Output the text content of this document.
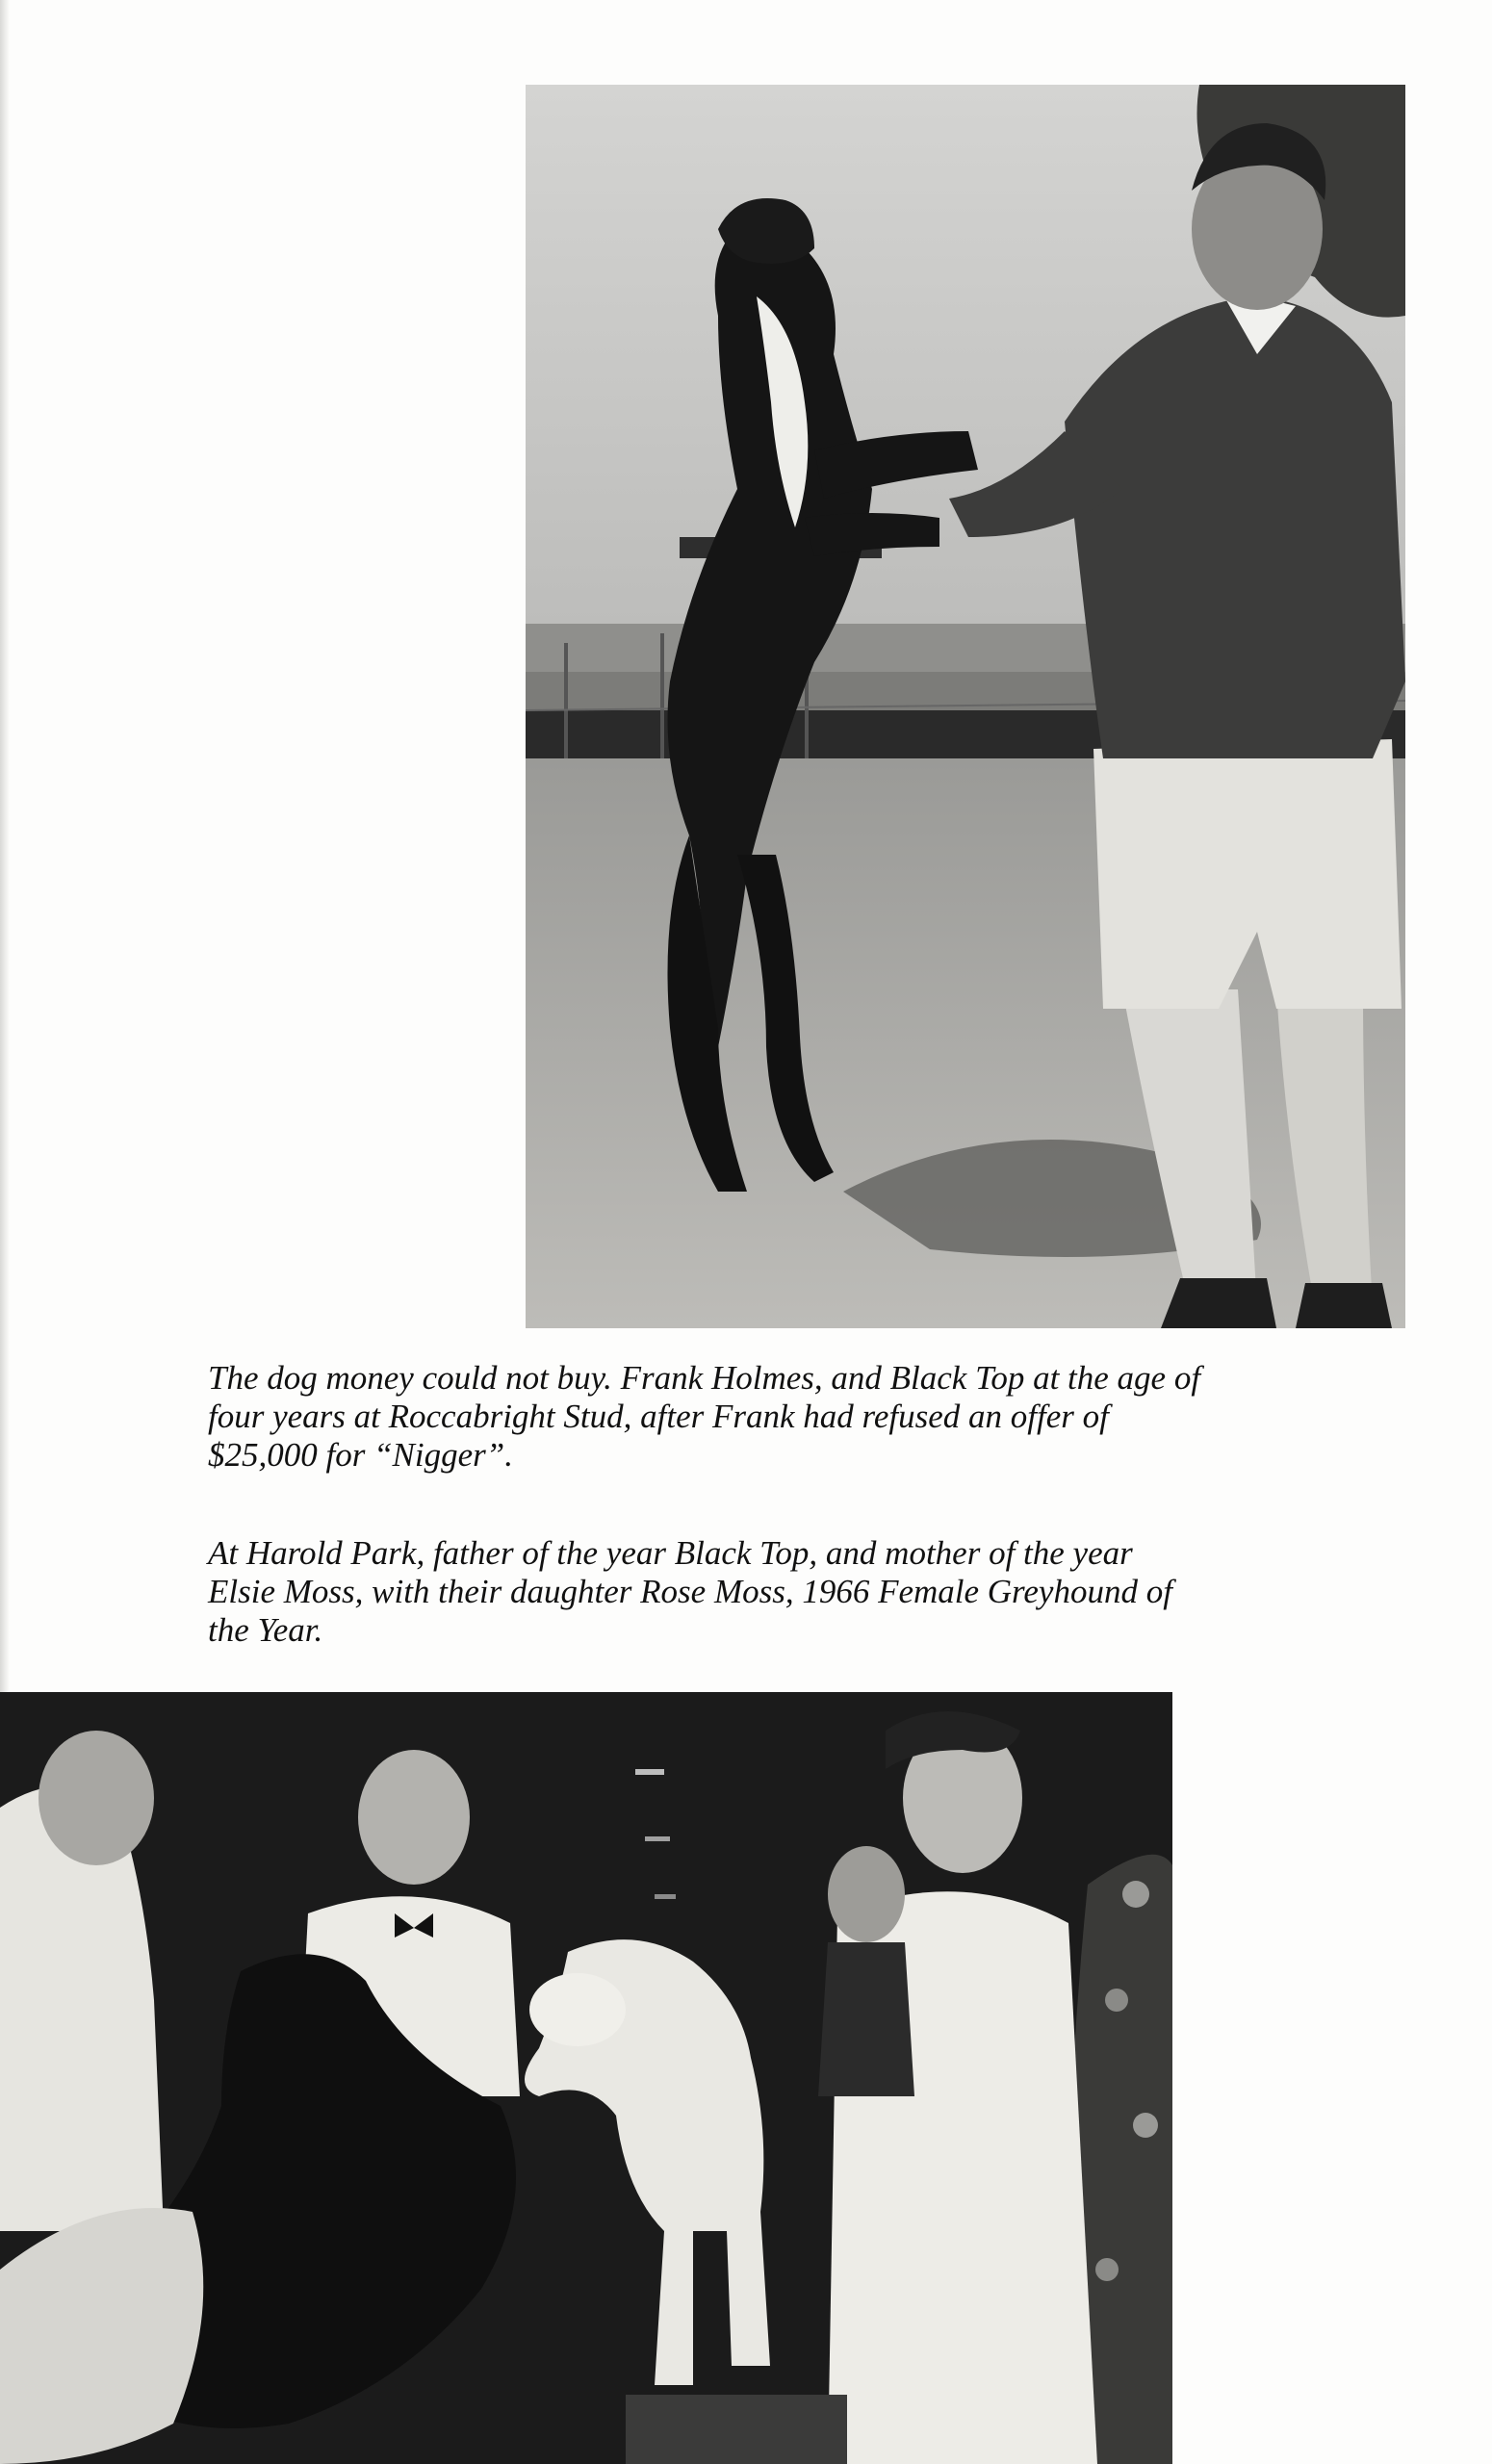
The dog money could not buy. Frank Holmes, and Black Top at the age of
four years at Roccabright Stud, after Frank had refused an offer of
$25,000 for “Nigger”.

At Harold Park, father of the year Black Top, and mother of the year
Elsie Moss, with their daughter Rose Moss, 1966 Female Greyhound of
the Year.
